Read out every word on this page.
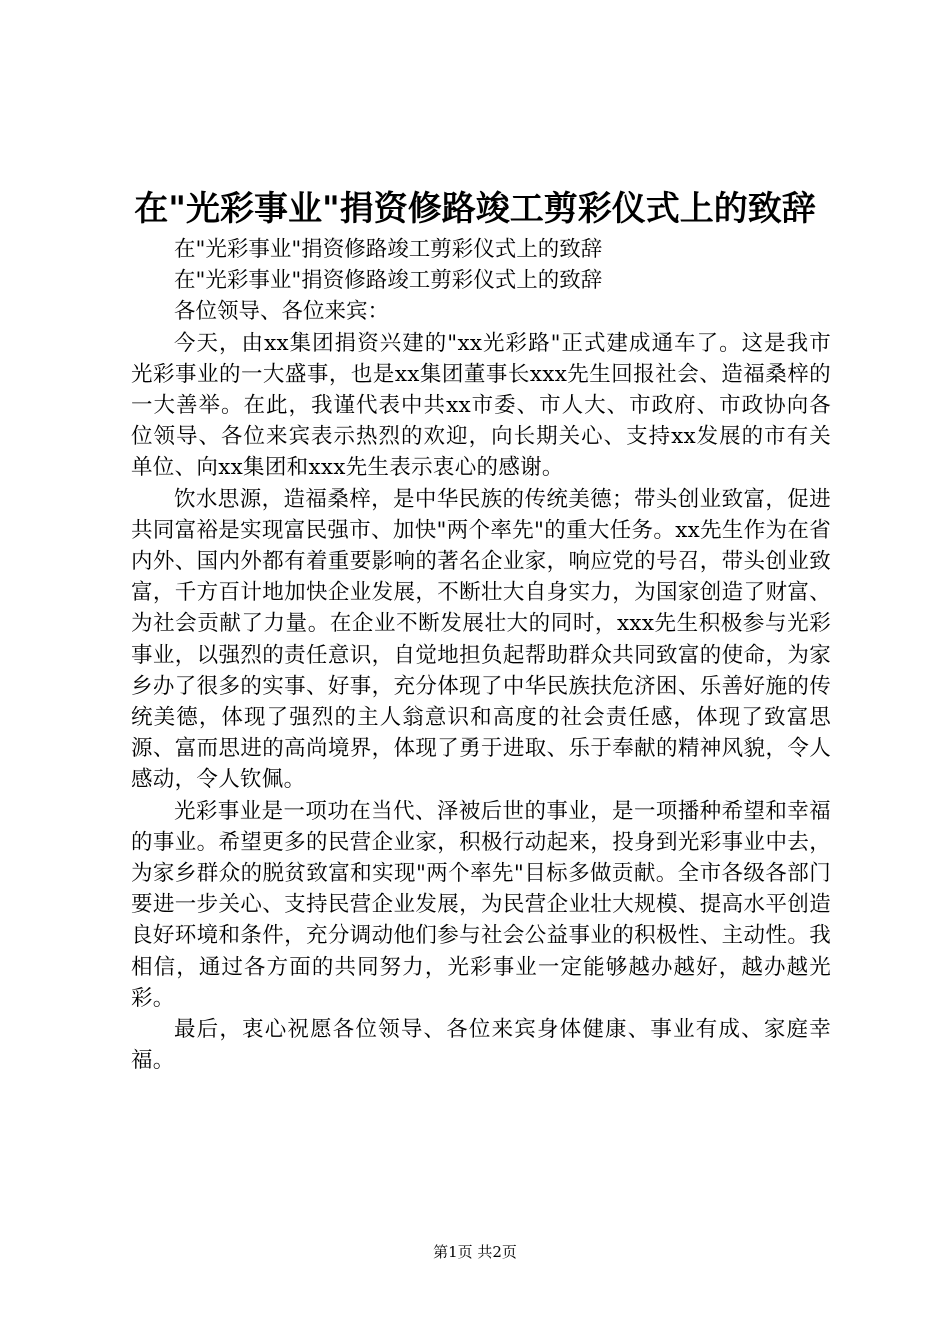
在"光彩事业"捐资修路竣工剪彩仪式上的致辞

在"光彩事业"捐资修路竣工剪彩仪式上的致辞

在"光彩事业"捐资修路竣工剪彩仪式上的致辞

各位领导、各位来宾：

今天，由xx集团捐资兴建的"xx光彩路"正式建成通车了。这是我市光彩事业的一大盛事，也是xx集团董事长xxx先生回报社会、造福桑梓的一大善举。在此，我谨代表中共xx市委、市人大、市政府、市政协向各位领导、各位来宾表示热烈的欢迎，向长期关心、支持xx发展的市有关单位、向xx集团和xxx先生表示衷心的感谢。

饮水思源，造福桑梓，是中华民族的传统美德；带头创业致富，促进共同富裕是实现富民强市、加快"两个率先"的重大任务。xx先生作为在省内外、国内外都有着重要影响的著名企业家，响应党的号召，带头创业致富，千方百计地加快企业发展，不断壮大自身实力，为国家创造了财富、为社会贡献了力量。在企业不断发展壮大的同时，xxx先生积极参与光彩事业，以强烈的责任意识，自觉地担负起帮助群众共同致富的使命，为家乡办了很多的实事、好事，充分体现了中华民族扶危济困、乐善好施的传统美德，体现了强烈的主人翁意识和高度的社会责任感，体现了致富思源、富而思进的高尚境界，体现了勇于进取、乐于奉献的精神风貌，令人感动，令人钦佩。

光彩事业是一项功在当代、泽被后世的事业，是一项播种希望和幸福的事业。希望更多的民营企业家，积极行动起来，投身到光彩事业中去，为家乡群众的脱贫致富和实现"两个率先"目标多做贡献。全市各级各部门要进一步关心、支持民营企业发展，为民营企业壮大规模、提高水平创造良好环境和条件，充分调动他们参与社会公益事业的积极性、主动性。我相信，通过各方面的共同努力，光彩事业一定能够越办越好，越办越光彩。

最后，衷心祝愿各位领导、各位来宾身体健康、事业有成、家庭幸福。

第1页 共2页
